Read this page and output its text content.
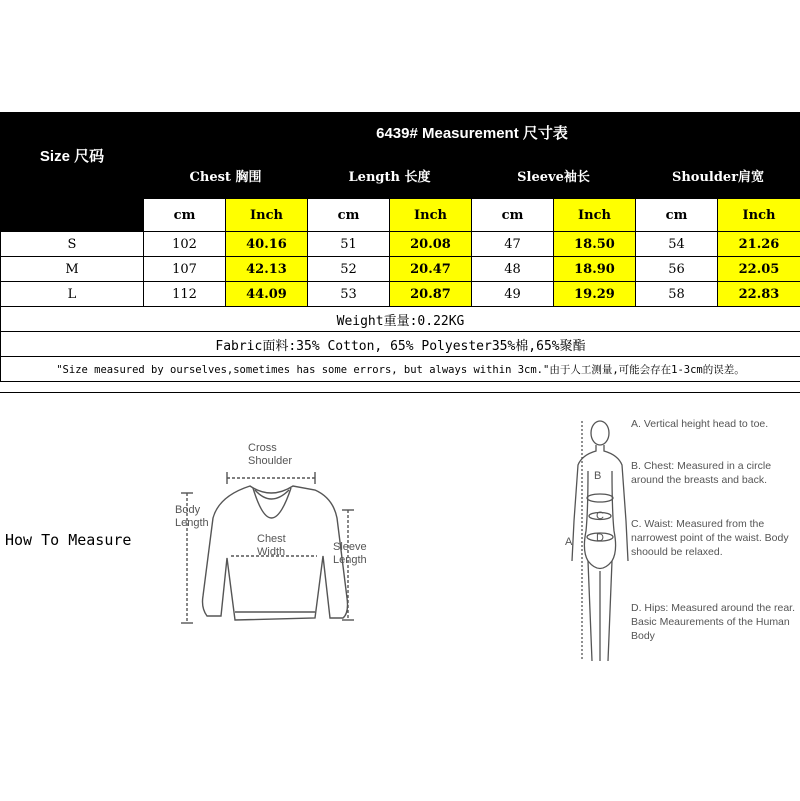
Size 尺码	6439# Measurement 尺寸表							
	Chest 胸围		Length 长度		Sleeve袖长		Shoulder肩宽	
	cm	Inch	cm	Inch	cm	Inch	cm	Inch
S	102	40.16	51	20.08	47	18.50	54	21.26
M	107	42.13	52	20.47	48	18.90	56	22.05
L	112	44.09	53	20.87	49	19.29	58	22.83
Weight重量:0.22KG								
Fabric面料:35% Cotton, 65% Polyester35%棉,65%聚酯								
"Size measured by ourselves,sometimes has some errors, but always within 3cm."由于人工测量,可能会存在1-3cm的误差。								
How To Measure
Cross
Shoulder
Body
Length
Chest
Width	Sleeve
Length
B
C
D
A
A. Vertical height head to toe.
B. Chest: Measured in a circle around the breasts and back.
C. Waist: Measured from the narrowest point of the waist. Body shoould be relaxed.
D. Hips: Measured around the rear. Basic Meaurements of the Human Body
